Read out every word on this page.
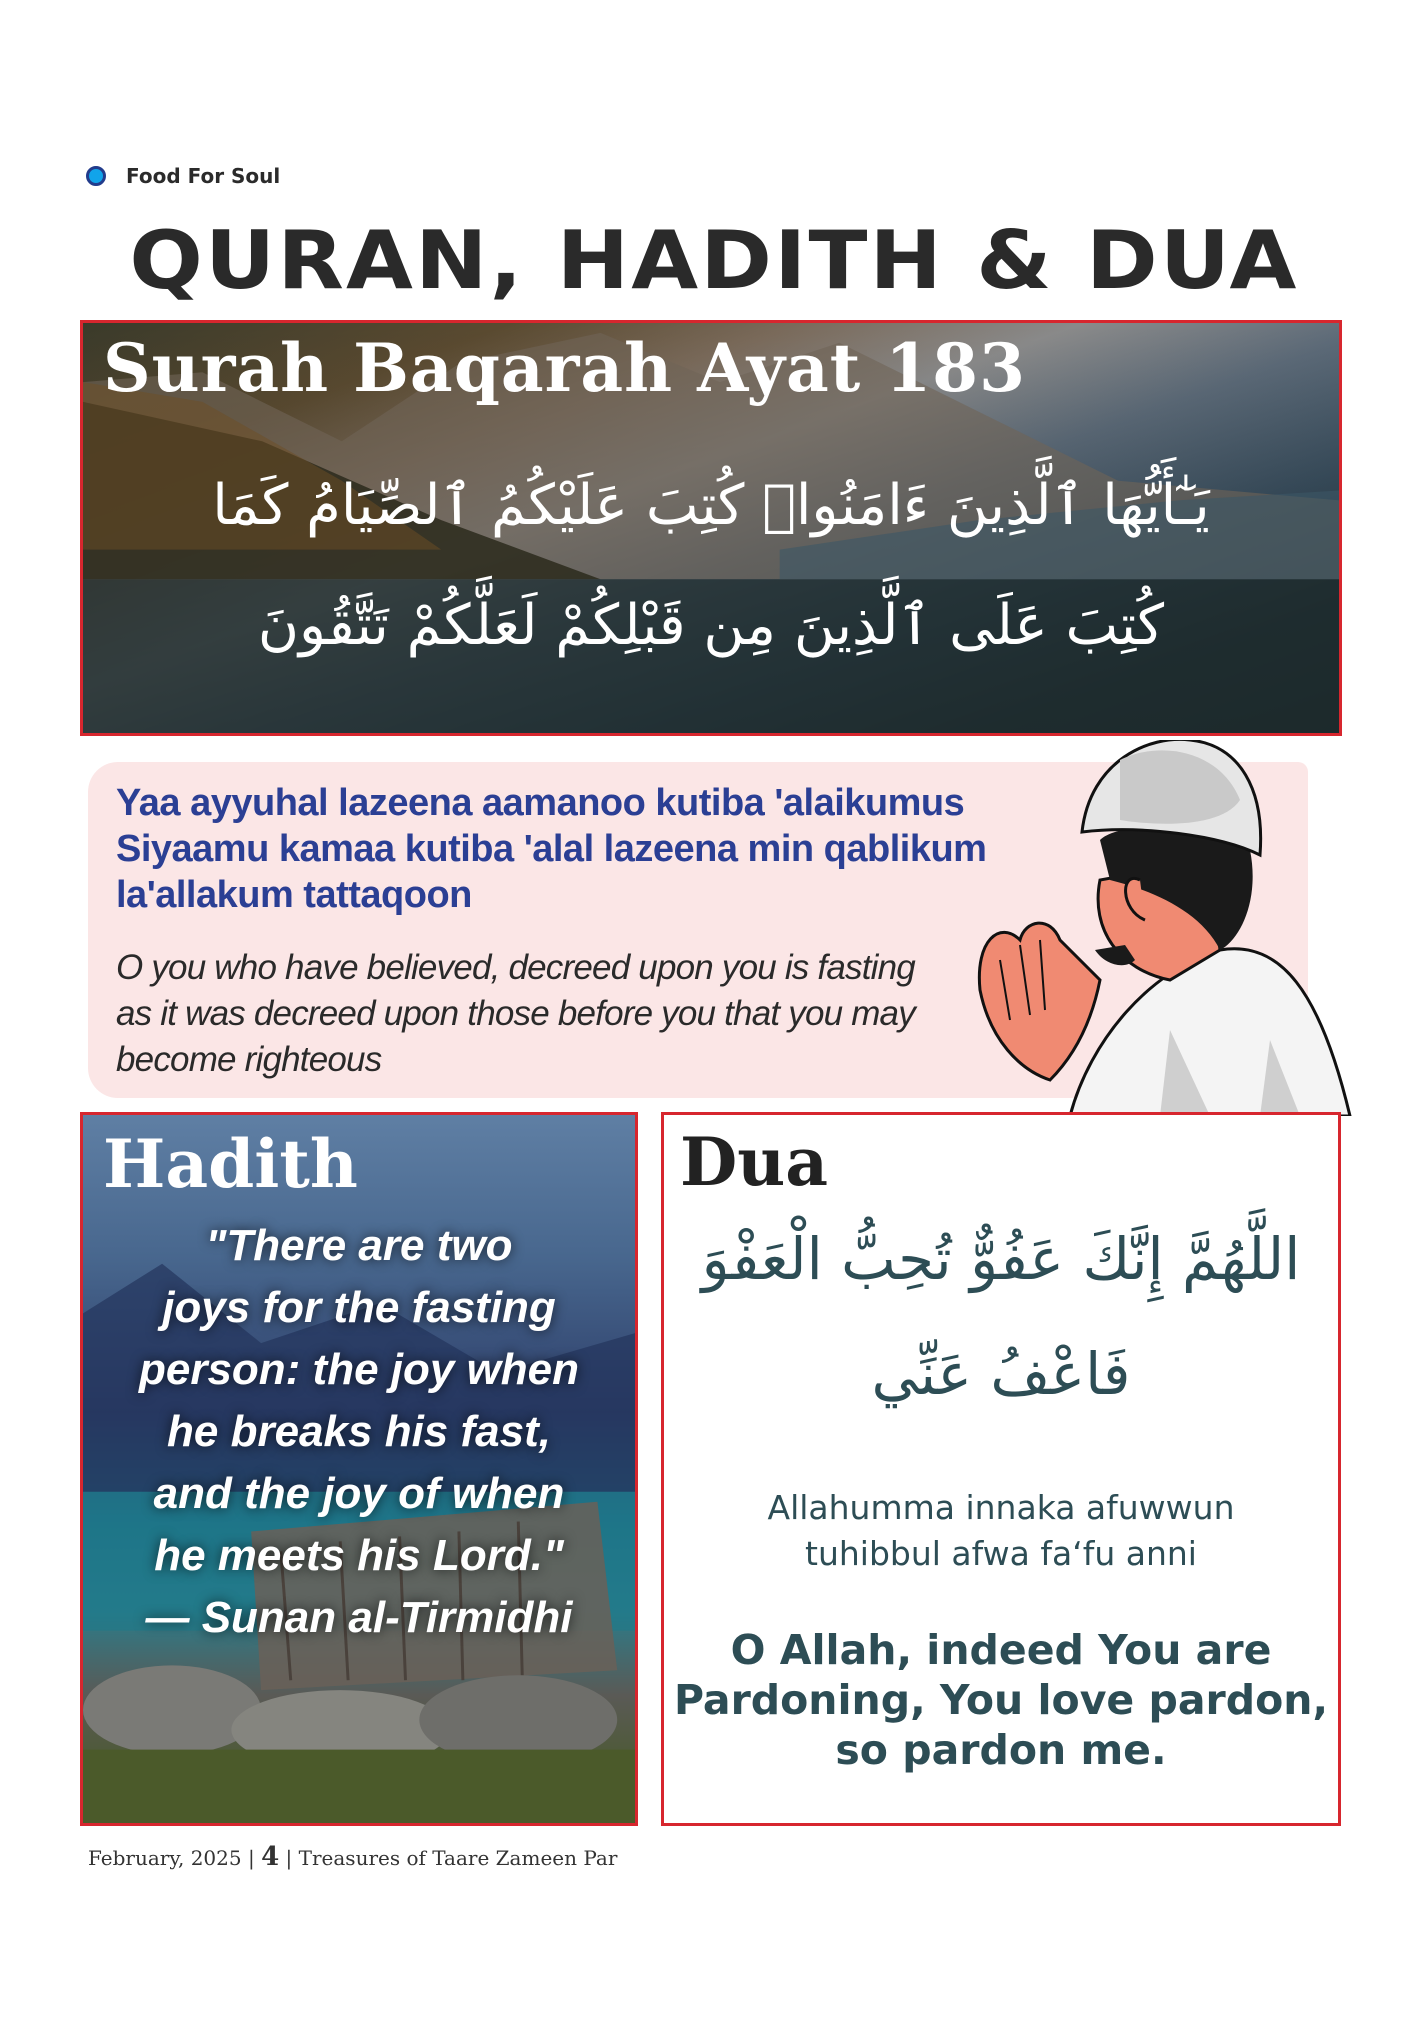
Food For Soul
QURAN, HADITH & DUA
Surah Baqarah Ayat 183
يَـٰٓأَيُّهَا ٱلَّذِينَ ءَامَنُوا۟ كُتِبَ عَلَيْكُمُ ٱلصِّيَامُ كَمَا
كُتِبَ عَلَى ٱلَّذِينَ مِن قَبْلِكُمْ لَعَلَّكُمْ تَتَّقُونَ
Yaa ayyuhal lazeena aamanoo kutiba 'alaikumus Siyaamu kamaa kutiba 'alal lazeena min qablikum la'allakum tattaqoon
O you who have believed, decreed upon you is fasting as it was decreed upon those before you that you may become righteous
Hadith
"There are two
joys for the fasting
person: the joy when
he breaks his fast,
and the joy of when
he meets his Lord."
— Sunan al-Tirmidhi
Dua
اللَّهُمَّ إِنَّكَ عَفُوٌّ تُحِبُّ الْعَفْوَ
فَاعْفُ عَنِّي
Allahumma innaka afuwwun
tuhibbul afwa fa‘fu anni
O Allah, indeed You are
Pardoning, You love pardon,
so pardon me.
February, 2025 | 4 | Treasures of Taare Zameen Par
